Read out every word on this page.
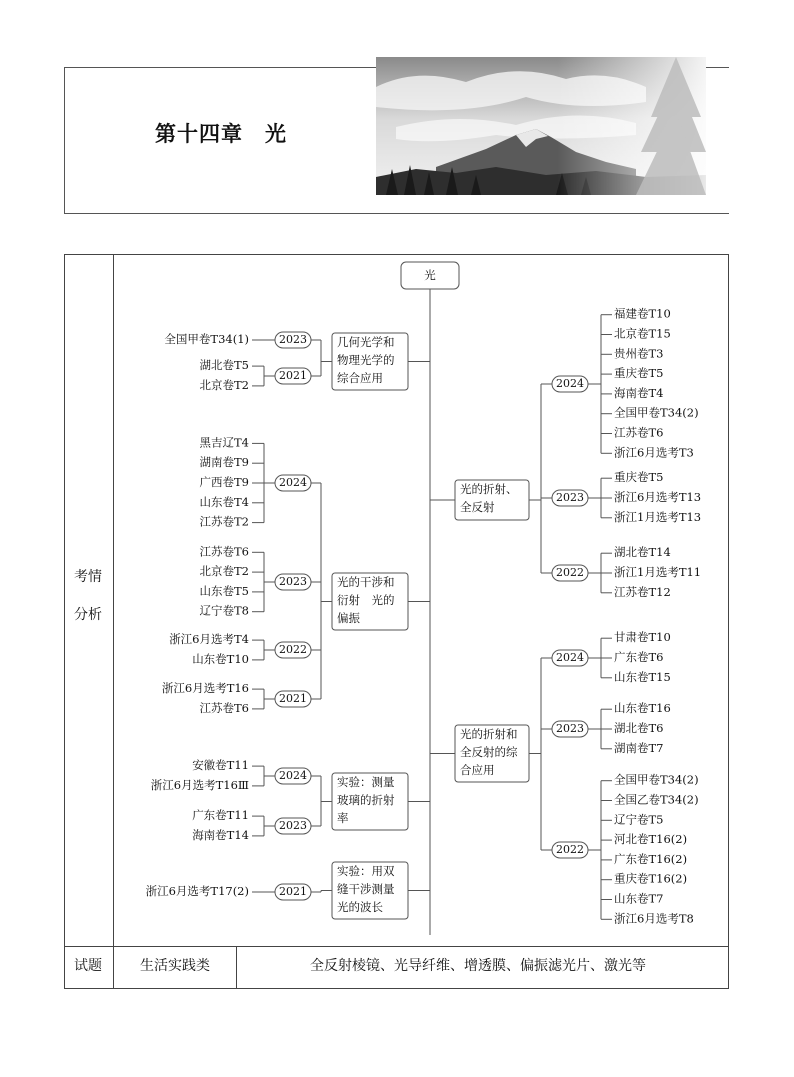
第十四章　光
考情
分析
试题	生活实践类	全反射棱镜、光导纤维、增透膜、偏振滤光片、激光等
光
几何光学和
物理光学的
综合应用
2023
全国甲卷T34(1)
2021
湖北卷T5
北京卷T2
光的干涉和
衍射　光的
偏振
2024
黑吉辽T4
湖南卷T9
广西卷T9
山东卷T4
江苏卷T2
2023
江苏卷T6
北京卷T2
山东卷T5
辽宁卷T8
2022
浙江6月选考T4
山东卷T10
2021
浙江6月选考T16
江苏卷T6
实验：测量
玻璃的折射
率
2024
安徽卷T11
浙江6月选考T16Ⅲ
2023
广东卷T11
海南卷T14
实验：用双
缝干涉测量
光的波长
2021
浙江6月选考T17(2)
光的折射、
全反射
2024
福建卷T10
北京卷T15
贵州卷T3
重庆卷T5
海南卷T4
全国甲卷T34(2)
江苏卷T6
浙江6月选考T3
2023
重庆卷T5
浙江6月选考T13
浙江1月选考T13
2022
湖北卷T14
浙江1月选考T11
江苏卷T12
光的折射和
全反射的综
合应用
2024
甘肃卷T10
广东卷T6
山东卷T15
2023
山东卷T16
湖北卷T6
湖南卷T7
2022
全国甲卷T34(2)
全国乙卷T34(2)
辽宁卷T5
河北卷T16(2)
广东卷T16(2)
重庆卷T16(2)
山东卷T7
浙江6月选考T8
